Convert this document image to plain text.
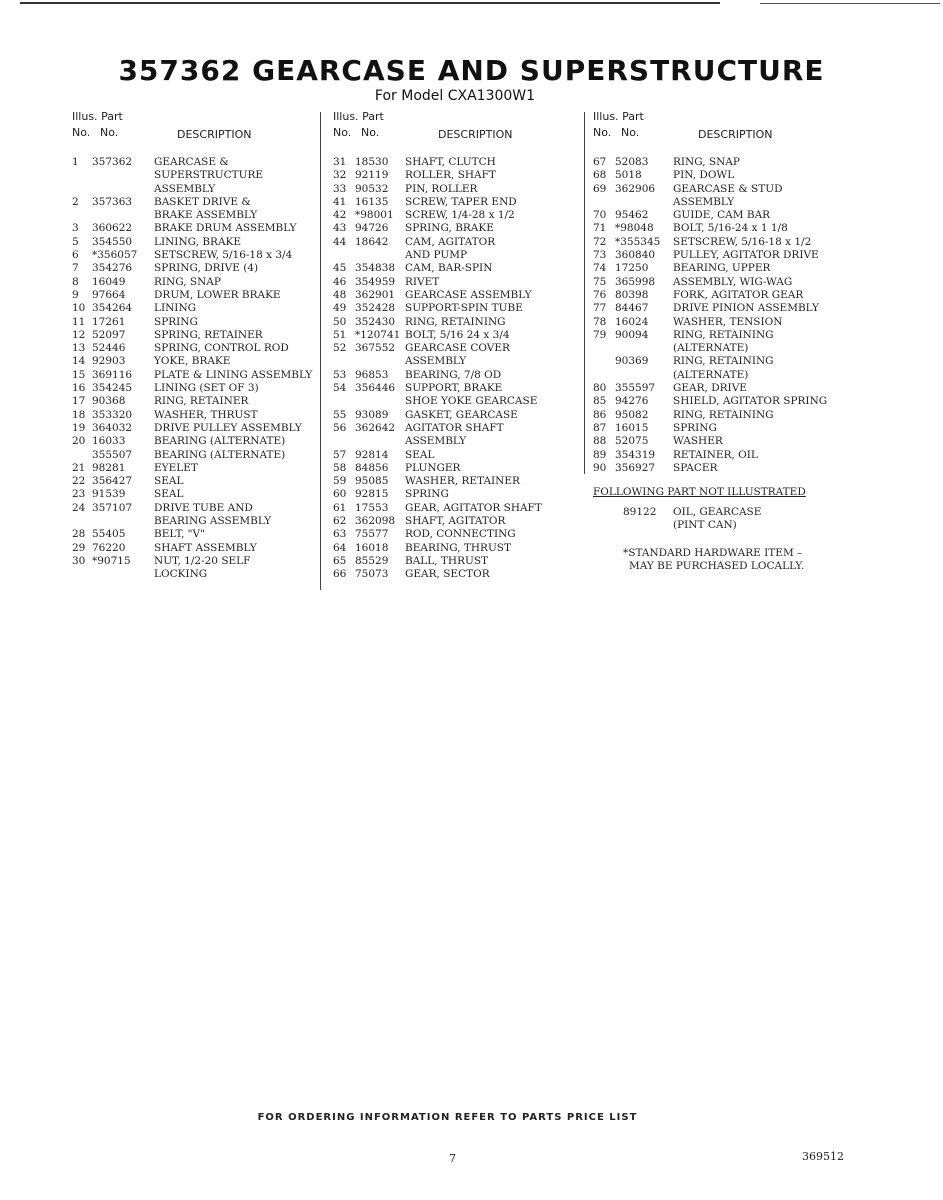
357362 GEARCASE AND SUPERSTRUCTURE
For Model CXA1300W1
Illus. Part
No. No.	DESCRIPTION
1	357362	GEARCASE &
SUPERSTRUCTURE
ASSEMBLY
2	357363	BASKET DRIVE &
BRAKE ASSEMBLY
3	360622	BRAKE DRUM ASSEMBLY
5	354550	LINING, BRAKE
6	*356057	SETSCREW, 5/16-18 x 3/4
7	354276	SPRING, DRIVE (4)
8	16049	RING, SNAP
9	97664	DRUM, LOWER BRAKE
10 354264	LINING
11 17261	SPRING
12 52097	SPRING, RETAINER
13 52446	SPRING, CONTROL ROD
14 92903	YOKE, BRAKE
15 369116	PLATE & LINING ASSEMBLY
16 354245	LINING (SET OF 3)
17 90368	RING, RETAINER
18 353320	WASHER, THRUST
19 364032	DRIVE PULLEY ASSEMBLY
20 16033	BEARING (ALTERNATE)
355507	BEARING (ALTERNATE)
21 98281	EYELET
22 356427	SEAL
23 91539	SEAL
24 357107	DRIVE TUBE AND
BEARING ASSEMBLY
28 55405	BELT, "V"
29 76220	SHAFT ASSEMBLY
30 *90715	NUT, 1/2-20 SELF
LOCKING
Illus. Part
No. No.	DESCRIPTION
31 18530	SHAFT, CLUTCH
32 92119	ROLLER, SHAFT
33 90532	PIN, ROLLER
41 16135	SCREW, TAPER END
42 *98001	SCREW, 1/4-28 x 1/2
43 94726	SPRING, BRAKE
44 18642	CAM, AGITATOR
AND PUMP
45 354838 CAM, BAR-SPIN
46 354959 RIVET
48 362901 GEARCASE ASSEMBLY
49 352428 SUPPORT-SPIN TUBE
50 352430 RING, RETAINING
51 *120741 BOLT, 5/16 24 x 3/4
52 367552 GEARCASE COVER
ASSEMBLY
53 96853	BEARING, 7/8 OD
54 356446 SUPPORT, BRAKE
SHOE YOKE GEARCASE
55 93089	GASKET, GEARCASE
56 362642 AGITATOR SHAFT
ASSEMBLY
57 92814	SEAL
58 84856	PLUNGER
59 95085	WASHER, RETAINER
60 92815	SPRING
61 17553	GEAR, AGITATOR SHAFT
62 362098 SHAFT, AGITATOR
63 75577	ROD, CONNECTING
64 16018	BEARING, THRUST
65 85529	BALL, THRUST
66 75073	GEAR, SECTOR
Illus. Part
No. No.	DESCRIPTION
67 52083	RING, SNAP
68 5018	PIN, DOWL
69 362906	GEARCASE & STUD
ASSEMBLY
70 95462	GUIDE, CAM BAR
71 *98048	BOLT, 5/16-24 x 1 1/8
72 *355345	SETSCREW, 5/16-18 x 1/2
73 360840	PULLEY, AGITATOR DRIVE
74 17250	BEARING, UPPER
75 365998	ASSEMBLY, WIG-WAG
76 80398	FORK, AGITATOR GEAR
77 84467	DRIVE PINION ASSEMBLY
78 16024	WASHER, TENSION
79 90094	RING, RETAINING
(ALTERNATE)
90369	RING, RETAINING
(ALTERNATE)
80 355597	GEAR, DRIVE
85 94276	SHIELD, AGITATOR SPRING
86 95082	RING, RETAINING
87 16015	SPRING
88 52075	WASHER
89 354319	RETAINER, OIL
90 356927	SPACER
FOLLOWING PART NOT ILLUSTRATED
89122	OIL, GEARCASE
(PINT CAN)
*STANDARD HARDWARE ITEM –
MAY BE PURCHASED LOCALLY.
FOR ORDERING INFORMATION REFER TO PARTS PRICE LIST
7	369512
